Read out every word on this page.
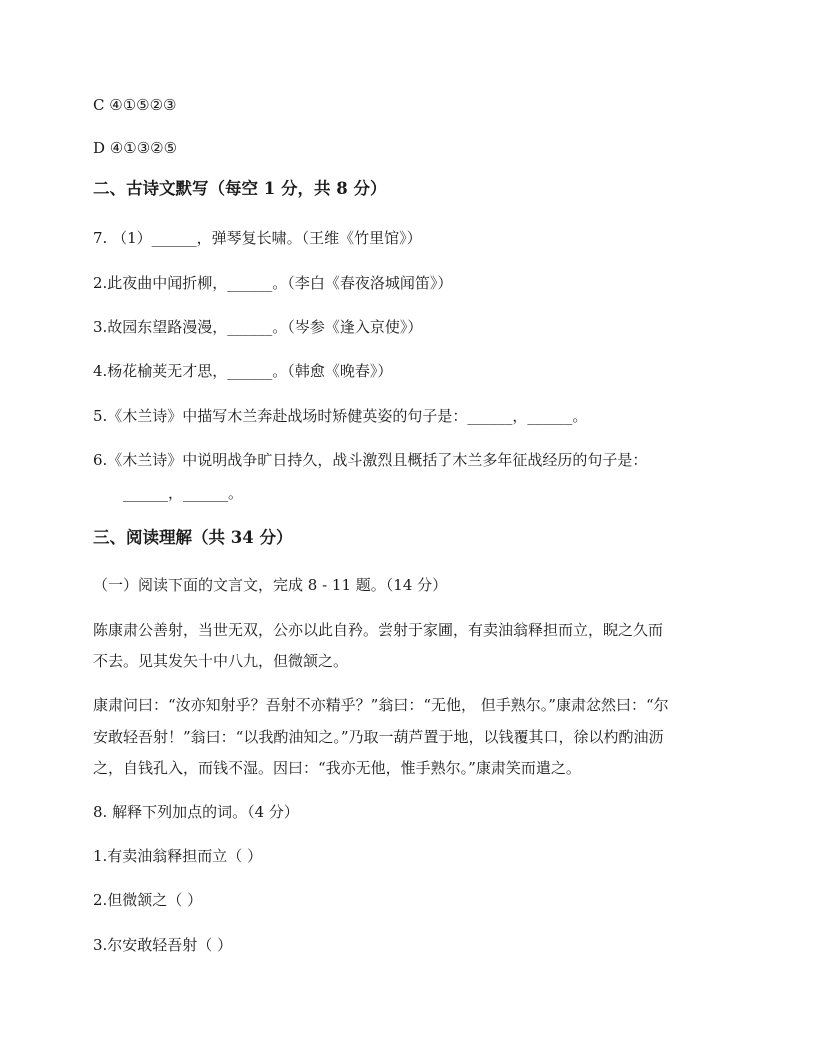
C ④①⑤②③
D ④①③②⑤
二、古诗文默写（每空 1 分，共 8 分）
7. （1）______，弹琴复长啸。（王维《竹里馆》）
2.此夜曲中闻折柳，______。（李白《春夜洛城闻笛》）
3.故园东望路漫漫，______。（岑参《逢入京使》）
4.杨花榆荚无才思，______。（韩愈《晚春》）
5.《木兰诗》中描写木兰奔赴战场时矫健英姿的句子是：______，______。
6.《木兰诗》中说明战争旷日持久，战斗激烈且概括了木兰多年征战经历的句子是：
______，______。
三、阅读理解（共 34 分）
（一）阅读下面的文言文，完成 8 - 11 题。（14 分）
陈康肃公善射，当世无双，公亦以此自矜。尝射于家圃，有卖油翁释担而立，睨之久而
不去。见其发矢十中八九，但微颔之。
康肃问曰：“汝亦知射乎？吾射不亦精乎？”翁曰：“无他， 但手熟尔。”康肃忿然曰：“尔
安敢轻吾射！”翁曰：“以我酌油知之。”乃取一葫芦置于地，以钱覆其口，徐以杓酌油沥
之，自钱孔入，而钱不湿。因曰：“我亦无他，惟手熟尔。”康肃笑而遣之。
8. 解释下列加点的词。（4 分）
1.有卖油翁释担而立（ ）
2.但微颔之（ ）
3.尔安敢轻吾射（ ）
